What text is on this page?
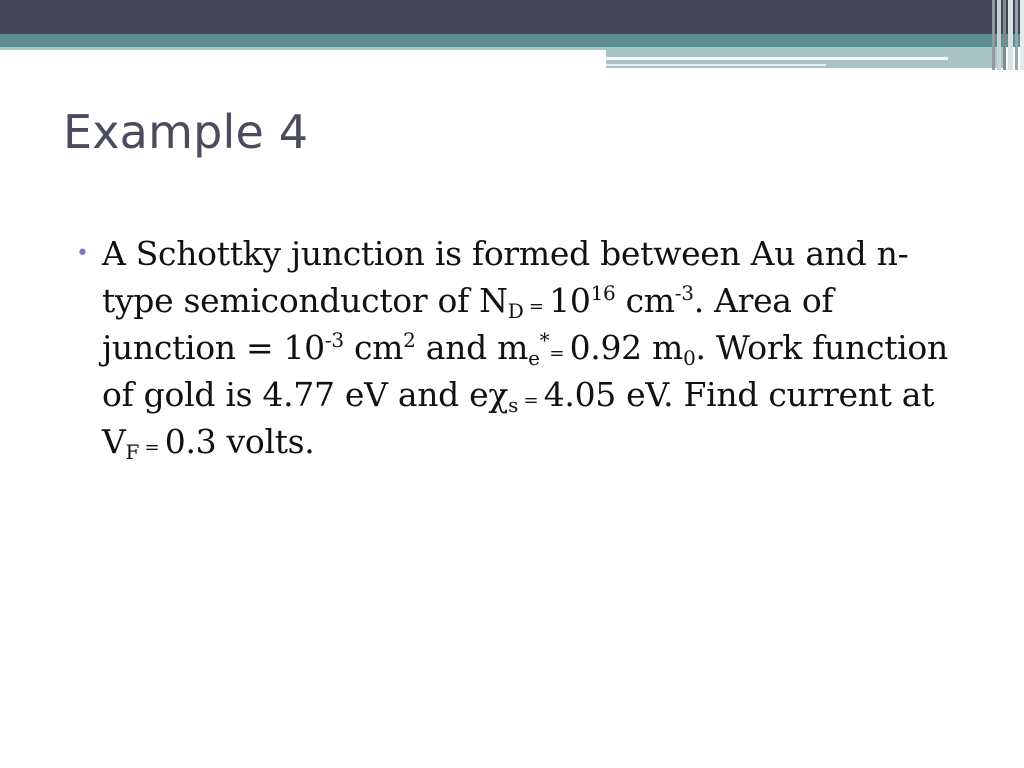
Example 4
• A Schottky junction is formed between Au and n-type semiconductor of $N_D = 10^{16}$ $cm^{-3}$. Area of junction = $10^{-3}$ $cm^2$ and $m_e^*= 0.92$ $m_0$. Work function of gold is 4.77 eV and $e\chi_s = 4.05$ eV. Find current at $V_F = 0.3$ volts.
